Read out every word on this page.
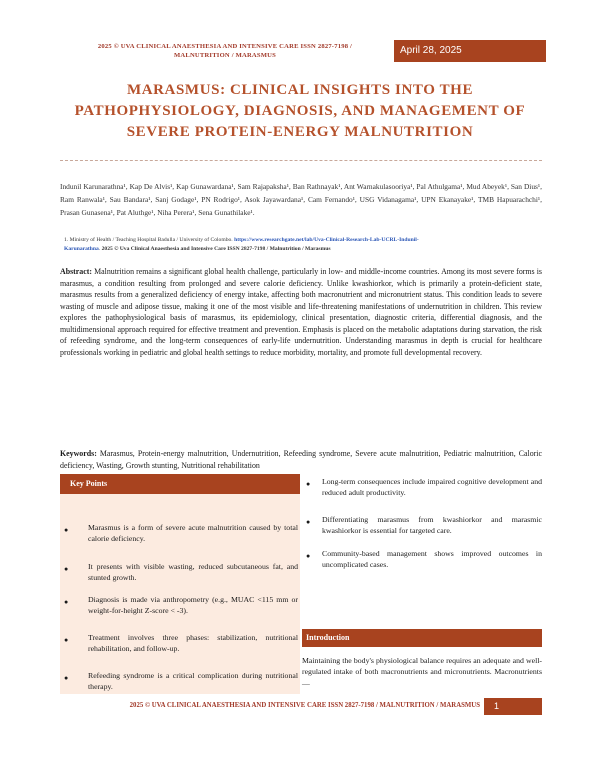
2025 © UVA CLINICAL ANAESTHESIA AND INTENSIVE CARE ISSN 2827-7198 /
MALNUTRITION / MARASMUS	April 28, 2025
MARASMUS: CLINICAL INSIGHTS INTO THE
PATHOPHYSIOLOGY, DIAGNOSIS, AND MANAGEMENT OF
SEVERE PROTEIN-ENERGY MALNUTRITION
Indunil Karunarathna¹, Kap De Alvis¹, Kap Gunawardana¹, Sam Rajapaksha¹, Ban Rathnayak¹, Ant Warnakulasooriya¹, Pal Athulgama¹, Mud Abeyek¹, San Dius¹, Ram Ranwala¹, Sau Bandara¹, Sanj Godage¹, PN Rodrigo¹, Asok Jayawardana¹, Cam Fernando¹, USG Vidanagama¹, UPN Ekanayake¹, TMB Hapuarachchi¹, Prasan Gunasena¹, Pat Aluthge¹, Niha Perera¹, Sena Gunathilake¹.
1. Ministry of Health / Teaching Hospital Badulla / University of Colombo. https://www.researchgate.net/lab/Uva-Clinical-Research-Lab-UCRL-Indunil-
Karunarathna. 2025 © Uva Clinical Anaesthesia and Intensive Care ISSN 2827-7198 / Malnutrition / Marasmus
Abstract: Malnutrition remains a significant global health challenge, particularly in low- and middle-income countries. Among its most severe forms is marasmus, a condition resulting from prolonged and severe calorie deficiency. Unlike kwashiorkor, which is primarily a protein-deficient state, marasmus results from a generalized deficiency of energy intake, affecting both macronutrient and micronutrient status. This condition leads to severe wasting of muscle and adipose tissue, making it one of the most visible and life-threatening manifestations of undernutrition in children. This review explores the pathophysiological basis of marasmus, its epidemiology, clinical presentation, diagnostic criteria, differential diagnosis, and the multidimensional approach required for effective treatment and prevention. Emphasis is placed on the metabolic adaptations during starvation, the risk of refeeding syndrome, and the long-term consequences of early-life undernutrition. Understanding marasmus in depth is crucial for healthcare professionals working in pediatric and global health settings to reduce morbidity, mortality, and promote full developmental recovery.
Keywords: Marasmus, Protein-energy malnutrition, Undernutrition, Refeeding syndrome, Severe acute malnutrition, Pediatric malnutrition, Caloric deficiency, Wasting, Growth stunting, Nutritional rehabilitation
Key Points
●	Marasmus is a form of severe acute malnutrition caused by total calorie deficiency.
●	It presents with visible wasting, reduced subcutaneous fat, and stunted growth.
●	Diagnosis is made via anthropometry (e.g., MUAC <115 mm or weight-for-height Z-score < -3).
●	Treatment involves three phases: stabilization, nutritional rehabilitation, and follow-up.
●	Refeeding syndrome is a critical complication during nutritional therapy.
● Long-term consequences include impaired cognitive development and reduced adult productivity.
● Differentiating marasmus from kwashiorkor and marasmic kwashiorkor is essential for targeted care.
● Community-based management shows improved outcomes in uncomplicated cases.
Introduction
Maintaining the body's physiological balance requires an adequate and well-regulated intake of both macronutrients and micronutrients. Macronutrients—
2025 © UVA CLINICAL ANAESTHESIA AND INTENSIVE CARE ISSN 2827-7198 / MALNUTRITION / MARASMUS	1
